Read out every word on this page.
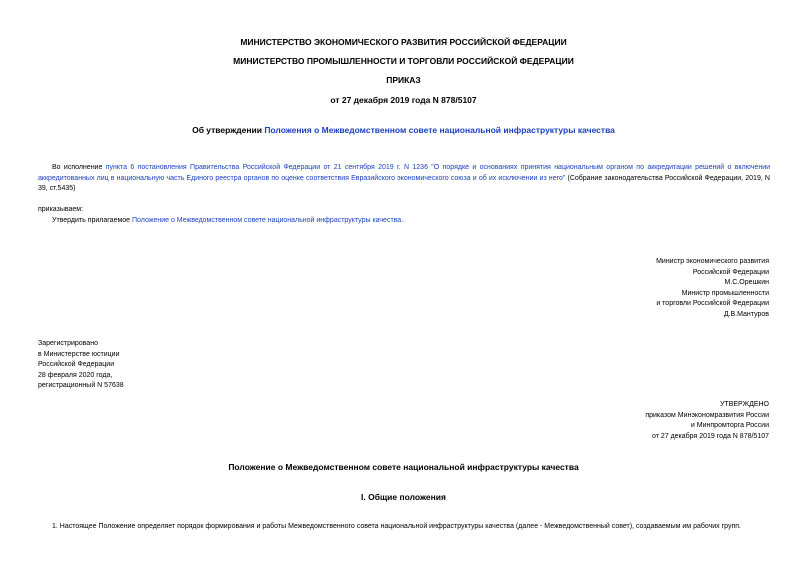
МИНИСТЕРСТВО ЭКОНОМИЧЕСКОГО РАЗВИТИЯ РОССИЙСКОЙ ФЕДЕРАЦИИ
МИНИСТЕРСТВО ПРОМЫШЛЕННОСТИ И ТОРГОВЛИ РОССИЙСКОЙ ФЕДЕРАЦИИ
ПРИКАЗ
от 27 декабря 2019 года N 878/5107
Об утверждении Положения о Межведомственном совете национальной инфраструктуры качества
Во исполнение пункта 6 постановления Правительства Российской Федерации от 21 сентября 2019 г. N 1236 "О порядке и основаниях принятия национальным органом по аккредитации решений о включении аккредитованных лиц в национальную часть Единого реестра органов по оценке соответствия Евразийского экономического союза и об их исключении из него" (Собрание законодательства Российской Федерации, 2019, N 39, ст.5435)
приказываем:
Утвердить прилагаемое Положение о Межведомственном совете национальной инфраструктуры качества.
Министр экономического развития
Российской Федерации
М.С.Орешкин
Министр промышленности
и торговли Российской Федерации
Д.В.Мантуров
Зарегистрировано
в Министерстве юстиции
Российской Федерации
28 февраля 2020 года,
регистрационный N 57638
УТВЕРЖДЕНО
приказом Минэкономразвития России
и Минпромторга России
от 27 декабря 2019 года N 878/5107
Положение о Межведомственном совете национальной инфраструктуры качества
I. Общие положения
1. Настоящее Положение определяет порядок формирования и работы Межведомственного совета национальной инфраструктуры качества (далее - Межведомственный совет), создаваемым им рабочих групп.
